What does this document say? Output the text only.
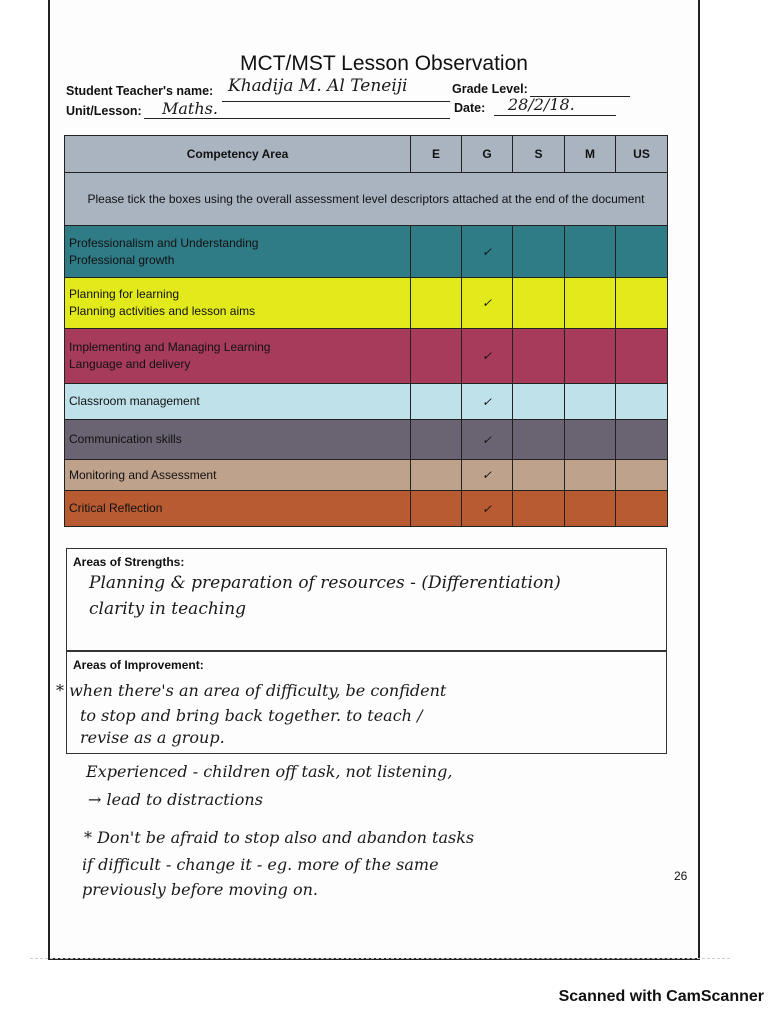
MCT/MST Lesson Observation
Student Teacher's name: Khadija M. Al Teneiji	Grade Level:
Unit/Lesson: Maths.	Date: 28/2/18.
Competency Area	E	G	S	M	US
Please tick the boxes using the overall assessment level descriptors attached at the end of the document					

Professionalism and Understanding
Professional growth		✓			

Planning for learning
Planning activities and lesson aims		✓			

Implementing and Managing Learning
Language and delivery		✓			

Classroom management		✓			

Communication skills		✓			

Monitoring and Assessment		✓			

Critical Reflection		✓			
Areas of Strengths:
Planning & preparation of resources - (Differentiation)
clarity in teaching
Areas of Improvement:
* when there's an area of difficulty, be confident
to stop and bring back together. to teach /
revise as a group.
Experienced - children off task, not listening,
→ lead to distractions
* Don't be afraid to stop also and abandon tasks
if difficult - change it - eg. more of the same
previously before moving on.
26
Scanned with CamScanner
